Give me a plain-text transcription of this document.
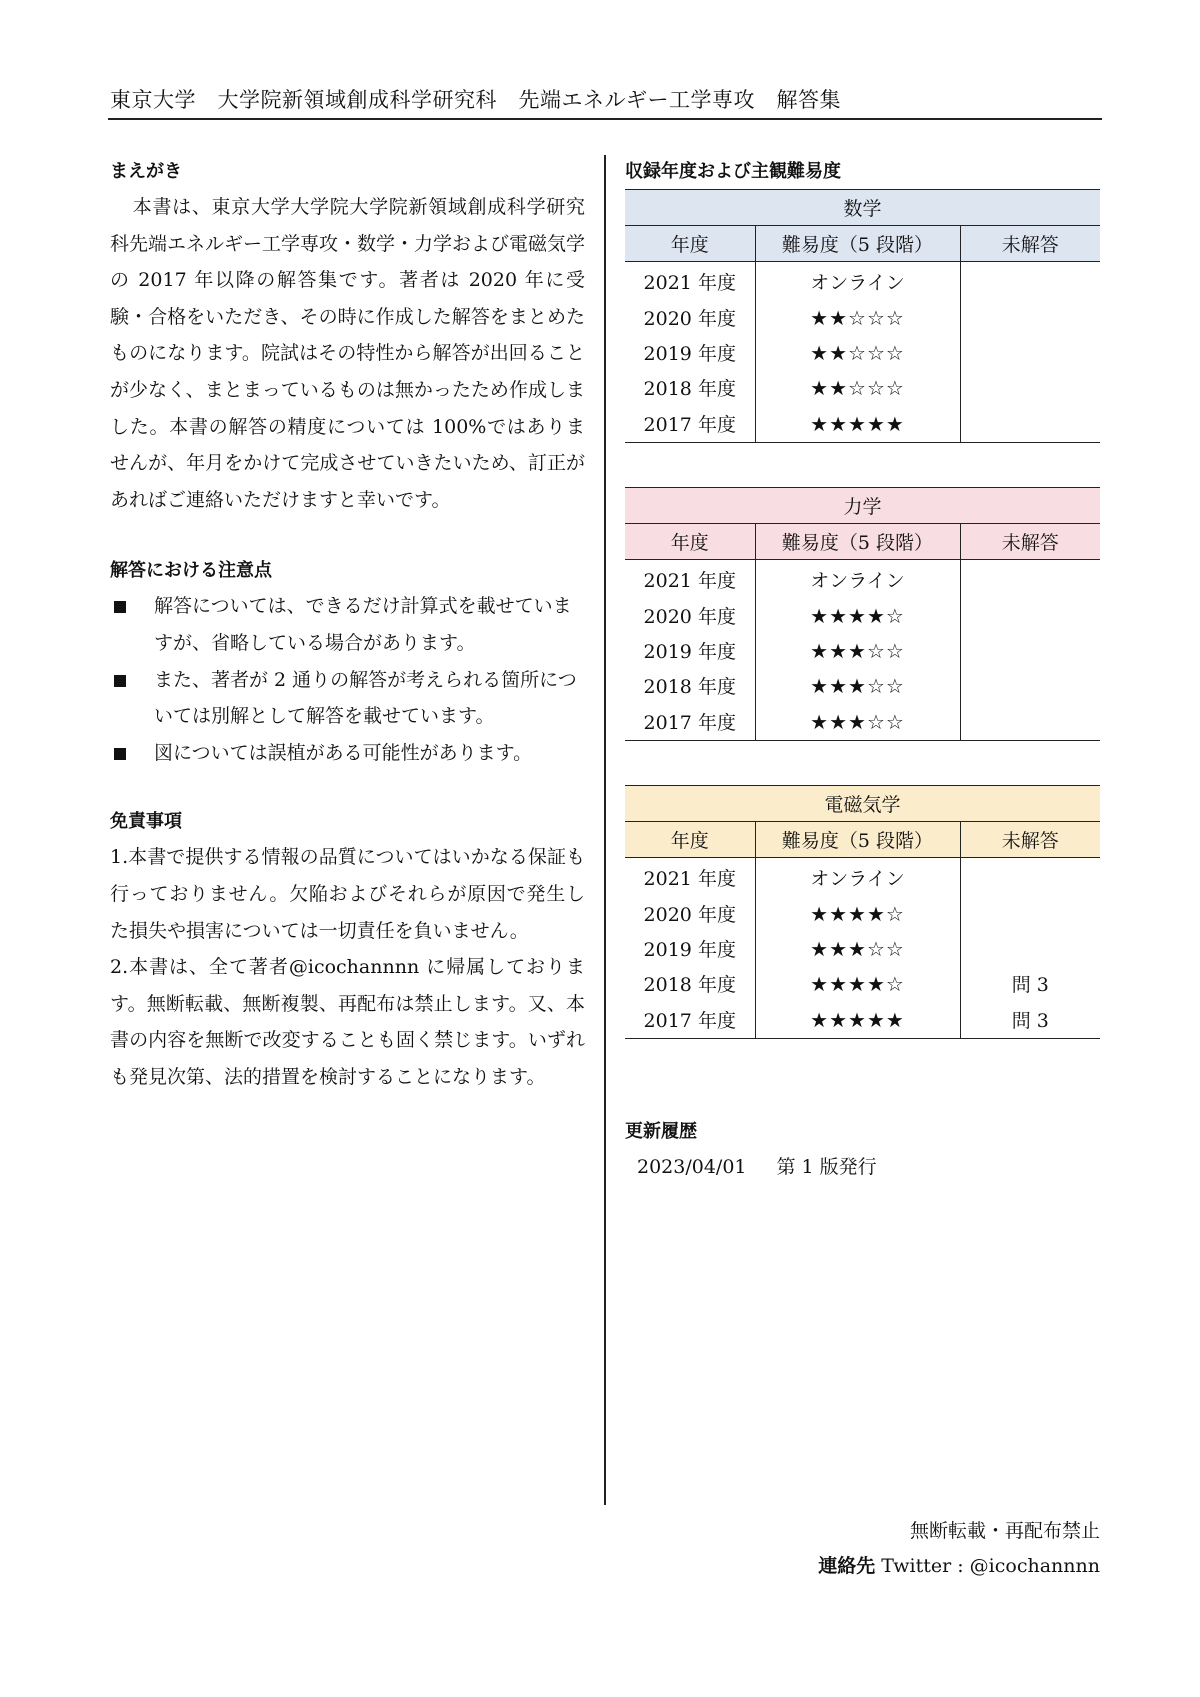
東京大学　大学院新領域創成科学研究科　先端エネルギー工学専攻　解答集
まえがき

本書は、東京大学大学院大学院新領域創成科学研究科先端エネルギー工学専攻・数学・力学および電磁気学の 2017 年以降の解答集です。著者は 2020 年に受験・合格をいただき、その時に作成した解答をまとめたものになります。院試はその特性から解答が出回ることが少なく、まとまっているものは無かったため作成しました。本書の解答の精度については 100%ではありませんが、年月をかけて完成させていきたいため、訂正があればご連絡いただけますと幸いです。

解答における注意点
解答については、できるだけ計算式を載せていますが、省略している場合があります。
また、著者が 2 通りの解答が考えられる箇所については別解として解答を載せています。
図については誤植がある可能性があります。
免責事項

1.本書で提供する情報の品質についてはいかなる保証も行っておりません。欠陥およびそれらが原因で発生した損失や損害については一切責任を負いません。

2.本書は、全て著者@icochannnn に帰属しております。無断転載、無断複製、再配布は禁止します。又、本書の内容を無断で改変することも固く禁じます。いずれも発見次第、法的措置を検討することになります。

収録年度および主観難易度
数学		
年度	難易度（5 段階）	未解答
2021 年度	オンライン	
2020 年度	★★☆☆☆	
2019 年度	★★☆☆☆	
2018 年度	★★☆☆☆	
2017 年度	★★★★★	
力学		
年度	難易度（5 段階）	未解答
2021 年度	オンライン	
2020 年度	★★★★☆	
2019 年度	★★★☆☆	
2018 年度	★★★☆☆	
2017 年度	★★★☆☆	
電磁気学		
年度	難易度（5 段階）	未解答
2021 年度	オンライン	
2020 年度	★★★★☆	
2019 年度	★★★☆☆	
2018 年度	★★★★☆	問 3
2017 年度	★★★★★	問 3
更新履歴
2023/04/01 第 1 版発行
無断転載・再配布禁止
連絡先 Twitter : @icochannnn
